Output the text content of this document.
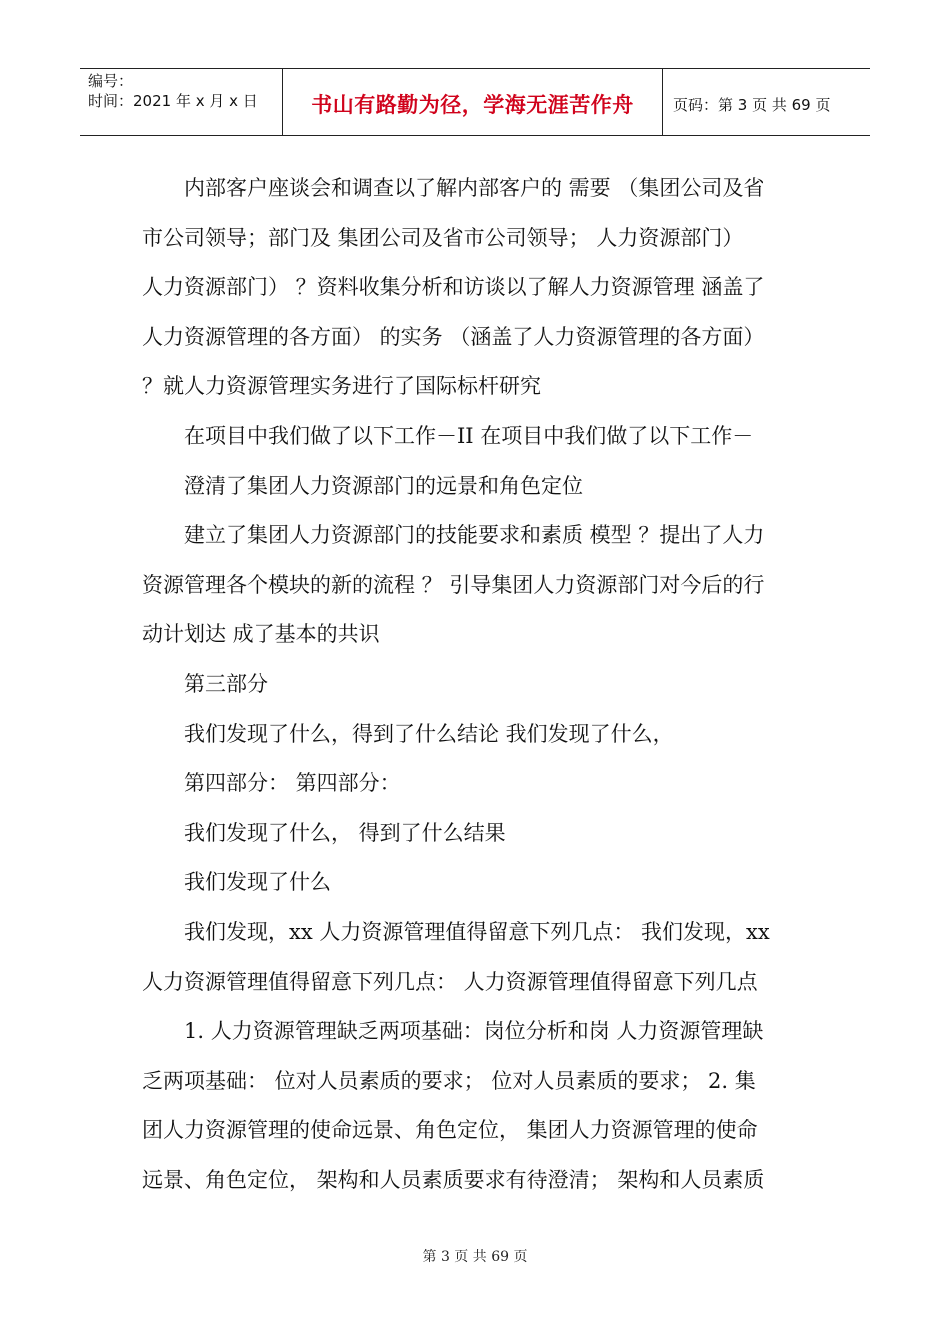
编号：
时间：2021 年 x 月 x 日	书山有路勤为径，学海无涯苦作舟	页码：第 3 页 共 69 页

内部客户座谈会和调查以了解内部客户的 需要 （集团公司及省

市公司领导；部门及 集团公司及省市公司领导； 人力资源部门）

人力资源部门） ？资料收集分析和访谈以了解人力资源管理 涵盖了

人力资源管理的各方面） 的实务 （涵盖了人力资源管理的各方面）

？就人力资源管理实务进行了国际标杆研究

在项目中我们做了以下工作－II 在项目中我们做了以下工作－

澄清了集团人力资源部门的远景和角色定位

建立了集团人力资源部门的技能要求和素质 模型 ？提出了人力

资源管理各个模块的新的流程 ？ 引导集团人力资源部门对今后的行

动计划达 成了基本的共识

第三部分

我们发现了什么，得到了什么结论 我们发现了什么，

第四部分： 第四部分：

我们发现了什么， 得到了什么结果

我们发现了什么

我们发现，xx 人力资源管理值得留意下列几点： 我们发现，xx

人力资源管理值得留意下列几点： 人力资源管理值得留意下列几点

1. 人力资源管理缺乏两项基础：岗位分析和岗 人力资源管理缺

乏两项基础： 位对人员素质的要求； 位对人员素质的要求； 2. 集

团人力资源管理的使命远景、角色定位， 集团人力资源管理的使命

远景、角色定位， 架构和人员素质要求有待澄清； 架构和人员素质

第 3 页 共 69 页
